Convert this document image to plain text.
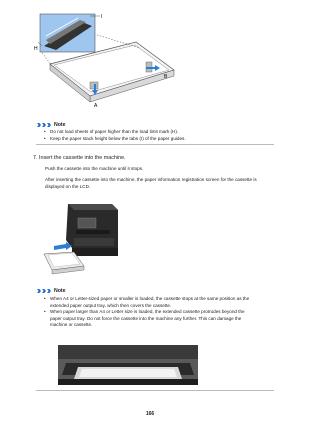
I
H
A
B
Note
• Do not load sheets of paper higher than the load limit mark (H).
• Keep the paper stack height below the tabs (I) of the paper guides.
7. Insert the cassette into the machine.
Push the cassette into the machine until it stops.
After inserting the cassette into the machine, the paper information registration screen for the cassette is
displayed on the LCD.
Note
• When A4 or Letter-sized paper or smaller is loaded, the cassette stops at the same position as the
extended paper output tray, which then covers the cassette.
• When paper larger than A4 or Letter size is loaded, the extended cassette protrudes beyond the
paper output tray. Do not force the cassette into the machine any further. This can damage the
machine or cassette.
166
